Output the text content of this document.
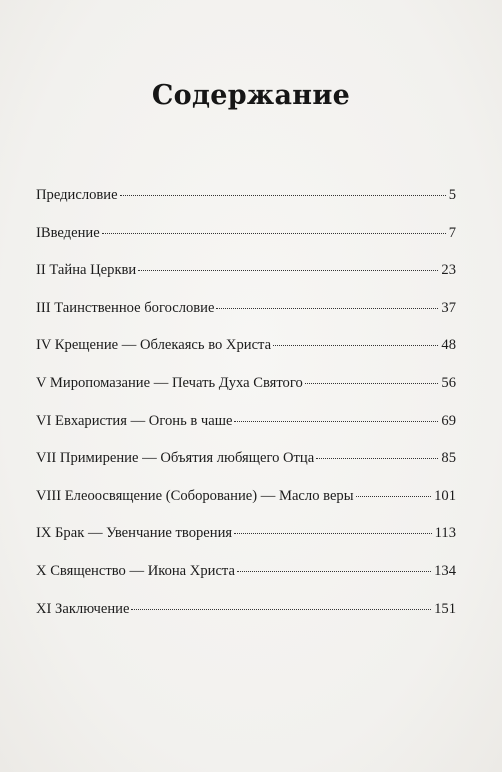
Содержание
Предисловие	5
IВведение	7
II Тайна Церкви	23
III Таинственное богословие	37
IV Крещение — Облекаясь во Христа	48
V Миропомазание — Печать Духа Святого	56
VI Евхаристия — Огонь в чаше	69
VII Примирение — Объятия любящего Отца	85
VIII Елеоосвящение (Соборование) — Масло веры	101
IX Брак — Увенчание творения	113
X Священство — Икона Христа	134
XI Заключение	151
